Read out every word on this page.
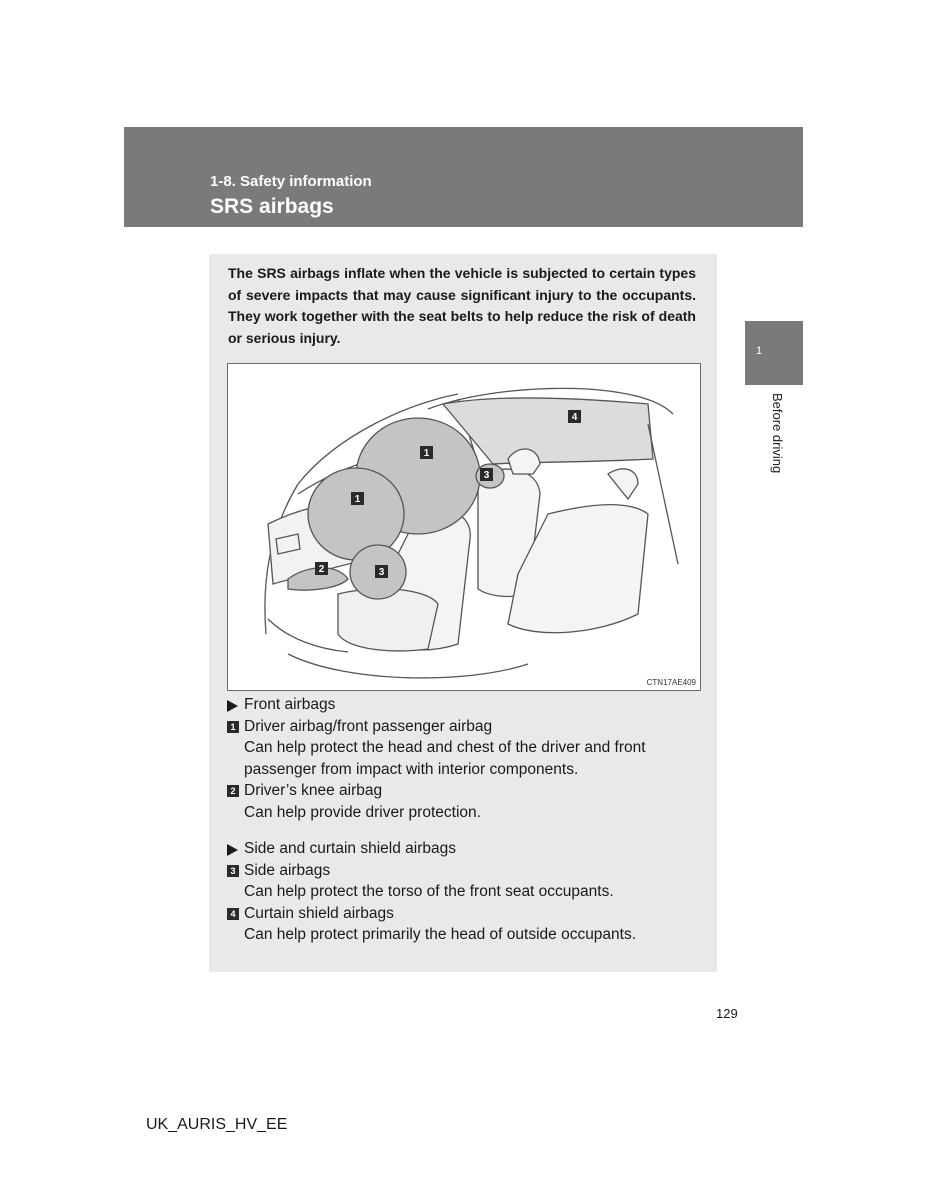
1-8. Safety information
SRS airbags
1
Before driving
The SRS airbags inflate when the vehicle is subjected to certain types of severe impacts that may cause significant injury to the occupants. They work together with the seat belts to help reduce the risk of death or serious injury.
1
1
2	3
3
4
CTN17AE409
Front airbags
1 Driver airbag/front passenger airbag
Can help protect the head and chest of the driver and front passenger from impact with interior components.
2 Driver’s knee airbag
Can help provide driver protection.
Side and curtain shield airbags
3 Side airbags
Can help protect the torso of the front seat occupants.
4 Curtain shield airbags
Can help protect primarily the head of outside occupants.
129
UK_AURIS_HV_EE
